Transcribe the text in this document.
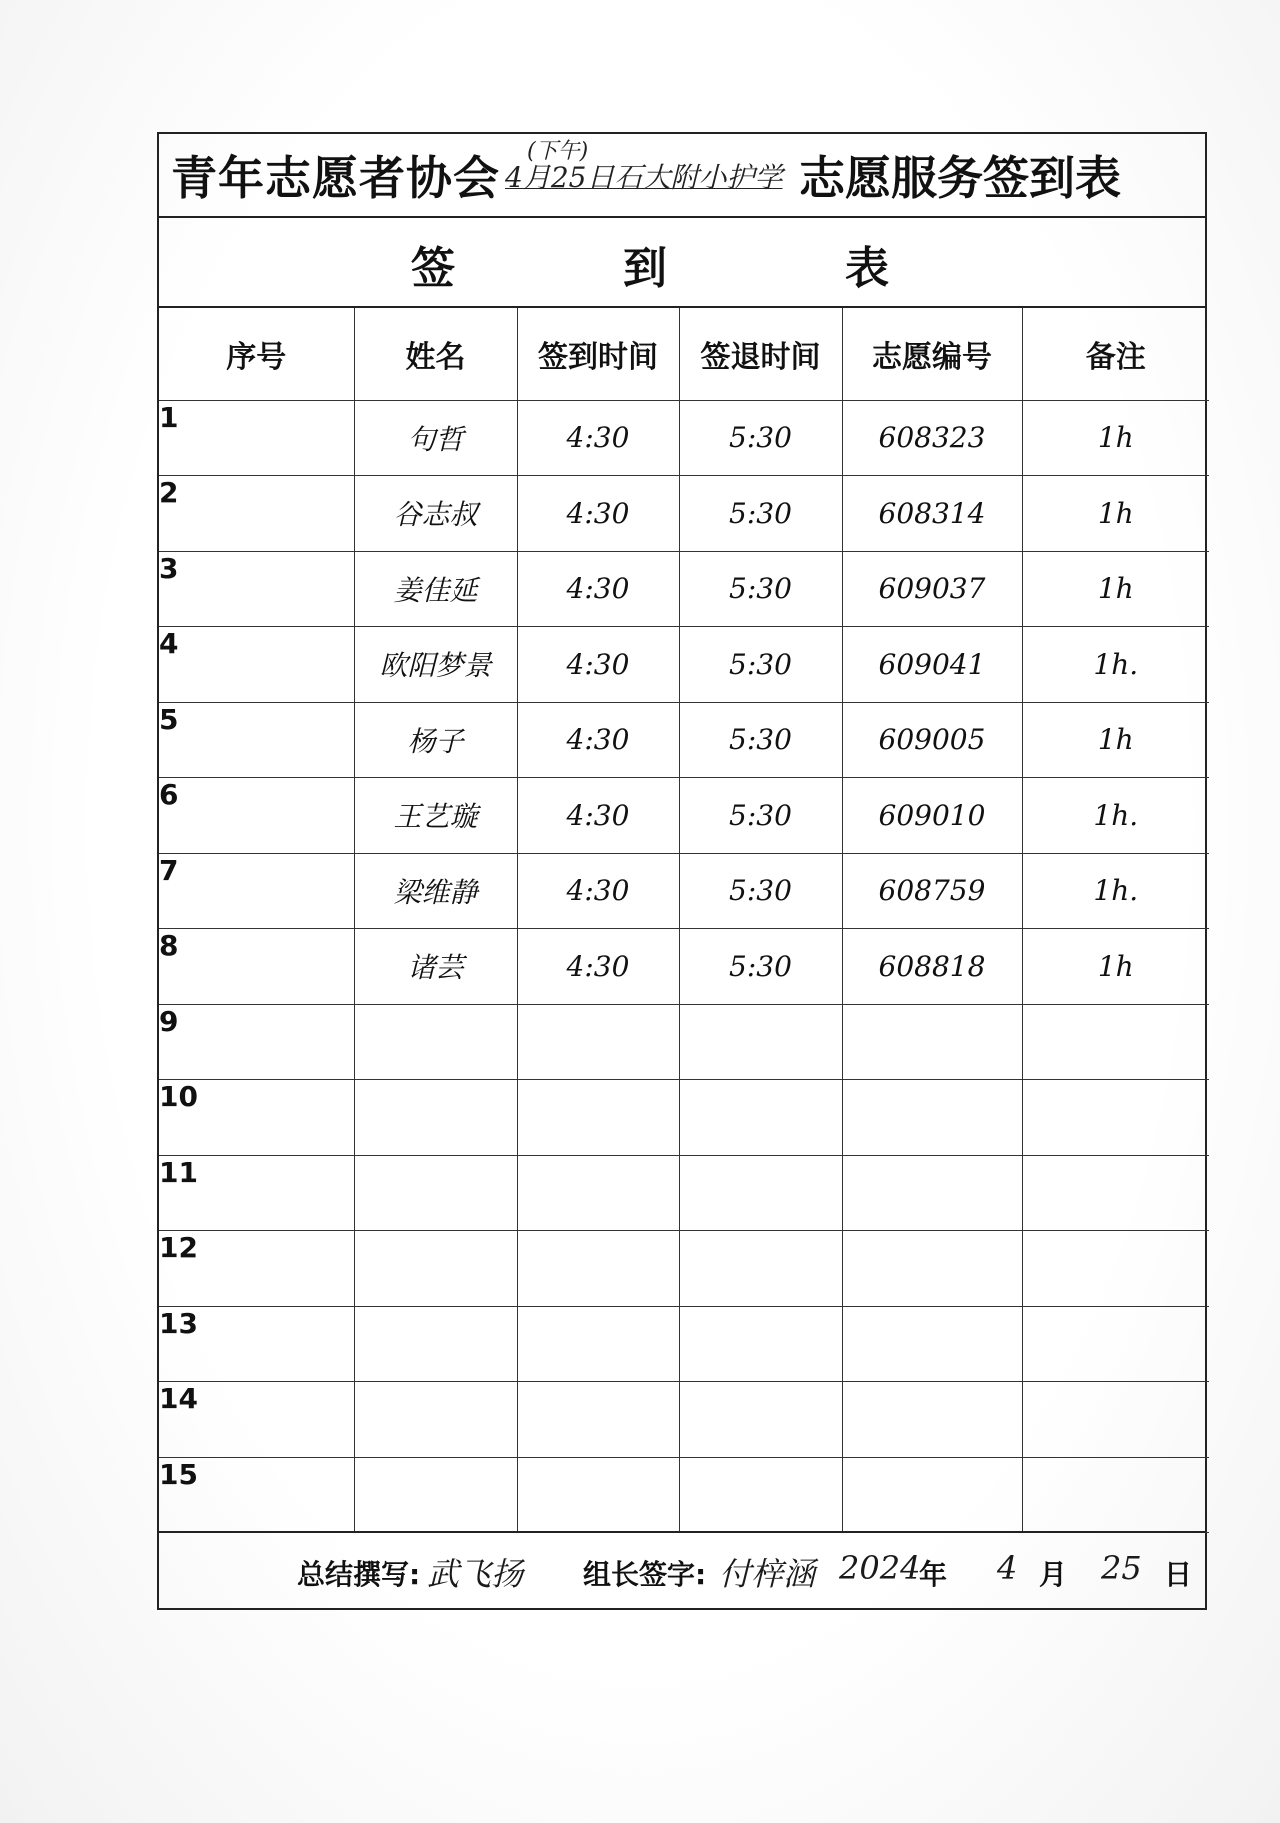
青年志愿者协会 (下午)
4月25日石大附小护学 志愿服务签到表
签	到	表
序号	姓名	签到时间	签退时间	志愿编号	备注
1	句哲	4:30	5:30	608323	1h
2	谷志叔	4:30	5:30	608314	1h
3	姜佳延	4:30	5:30	609037	1h
4	欧阳梦景	4:30	5:30	609041	1h.
5	杨子	4:30	5:30	609005	1h
6	王艺璇	4:30	5:30	609010	1h.
7	梁维静	4:30	5:30	608759	1h.
8	诸芸	4:30	5:30	608818	1h
9					
10					
11					
12					
13					
14					
15					
总结撰写: 武飞扬 组长签字: 付梓涵 2024
年 4 月 25 日
